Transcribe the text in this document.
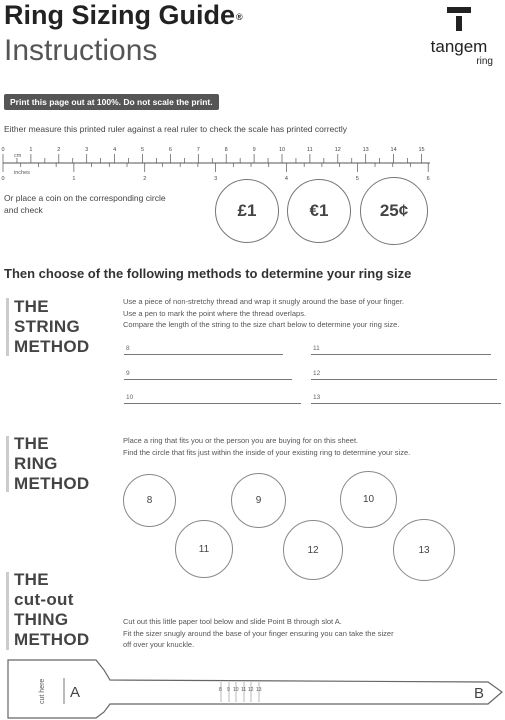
Ring Sizing Guide®
Instructions	tangem
ring
Print this page out at 100%. Do not scale the print.
Either measure this printed ruler against a real ruler to check the scale has printed correctly
cm
inches
0	1	2	3	4	5	6	7	8	9	10	11	12	13	14	15
0	1	2	3	4	5	6
Or place a coin on the corresponding circle and check	£1	€1	25¢
Then choose of the following methods to determine your ring size
THE
STRING
METHOD
Use a piece of non-stretchy thread and wrap it snugly around the base of your finger.
Use a pen to mark the point where the thread overlaps.
Compare the length of the string to the size chart below to determine your ring size.
8
9
10
11
12
13
THE
RING
METHOD
Place a ring that fits you or the person you are buying for on this sheet.
Find the circle that fits just within the inside of your existing ring to determine your size.
8	9	10
11	12	13
THE
cut-out
THING
METHOD
Cut out this little paper tool below and slide Point B through slot A.
Fit the sizer snugly around the base of your finger ensuring you can take the sizer
off over your knuckle.
8 9 10 11 12 13
cut here A	B
